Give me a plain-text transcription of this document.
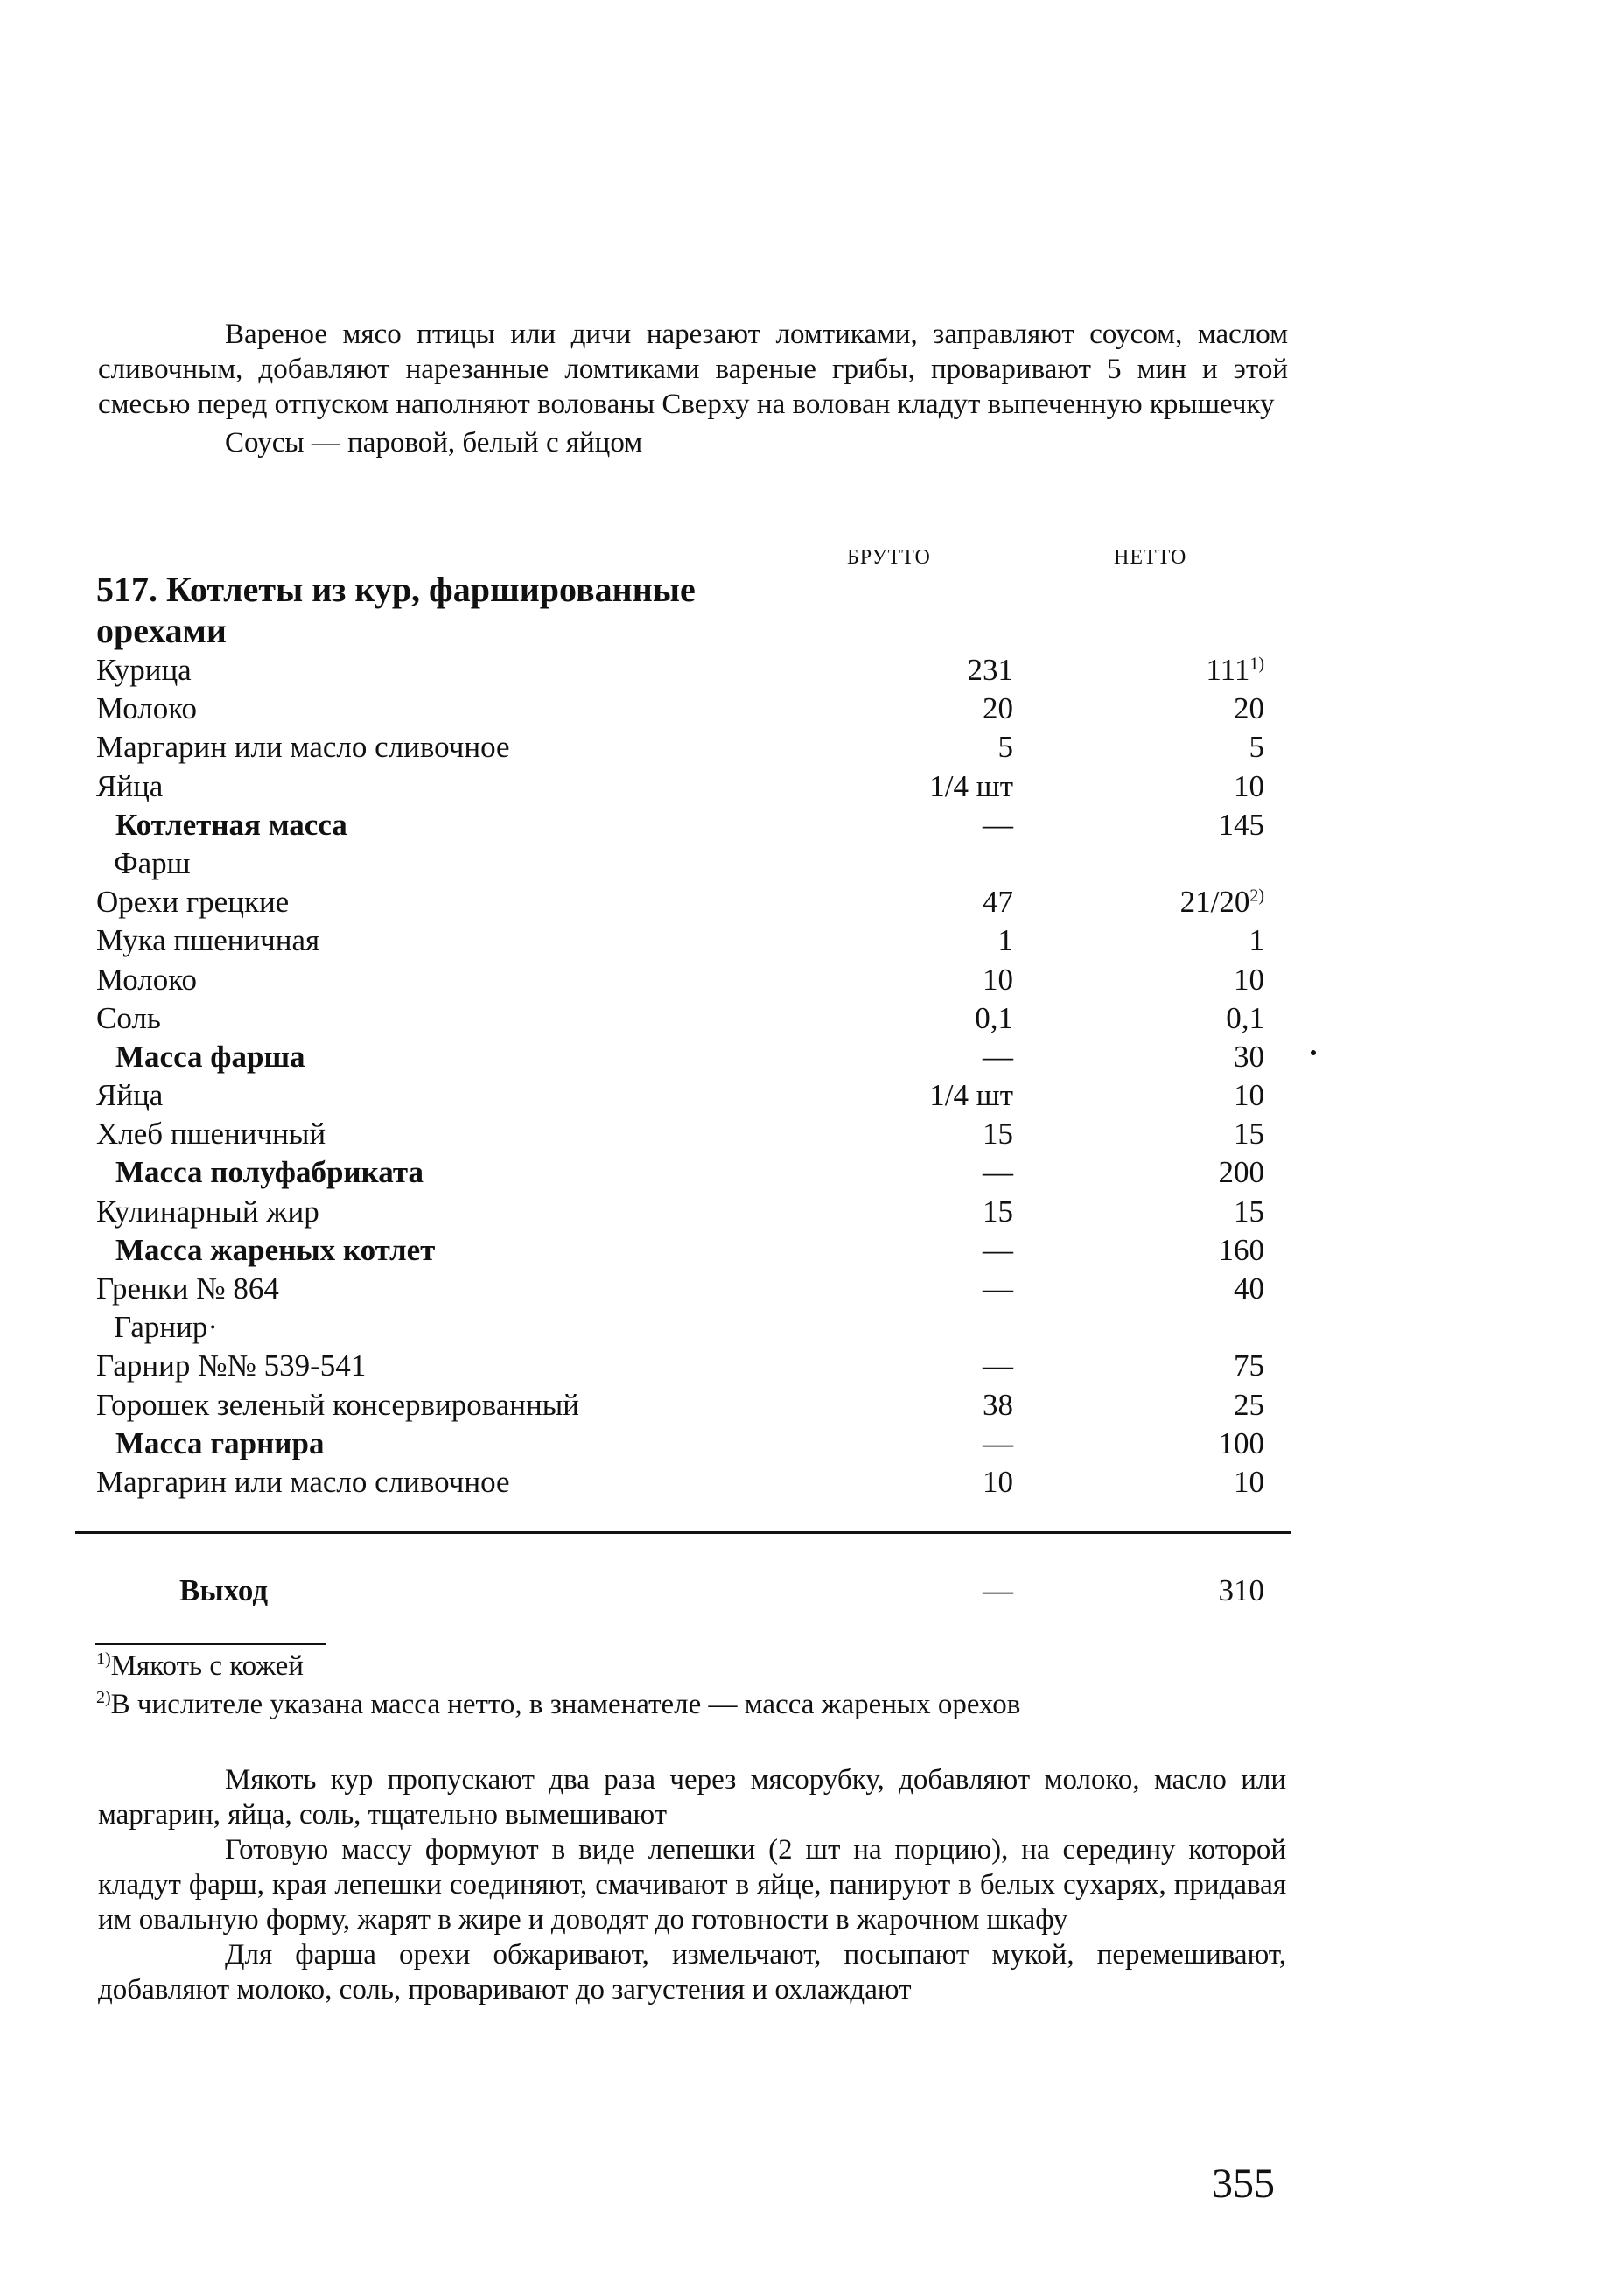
Вареное мясо птицы или дичи нарезают ломтиками, заправляют соусом, маслом сливочным, добавляют нарезанные ломтиками вареные грибы, проваривают 5 мин и этой смесью перед отпуском наполняют волованы Сверху на волован кладут выпеченную крышечку

Соусы — паровой, белый с яйцом

БРУТТО	НЕТТО
517. Котлеты из кур, фаршированные орехами
Курица	231	111$^{1)}$
Молоко	20	20
Маргарин или масло сливочное	5	5
Яйца	1/4 шт	10
Котлетная масса	—	145
Фарш
Орехи грецкие	47	21/20$^{2)}$
Мука пшеничная	1	1
Молоко	10	10
Соль	0,1	0,1
Масса фарша	—	30
Яйца	1/4 шт	10
Хлеб пшеничный	15	15
Масса полуфабриката	—	200
Кулинарный жир	15	15
Масса жареных котлет	—	160
Гренки № 864	—	40
Гарнир·
Гарнир №№ 539-541	—	75
Горошек зеленый консервированный	38	25
Масса гарнира	—	100
Маргарин или масло сливочное	10	10
Выход	—	310
$^{1)}$Мякоть с кожей
$^{2)}$В числителе указана масса нетто, в знаменателе — масса жареных орехов

Мякоть кур пропускают два раза через мясорубку, добавляют молоко, масло или маргарин, яйца, соль, тщательно вымешивают

Готовую массу формуют в виде лепешки (2 шт на порцию), на середину которой кладут фарш, края лепешки соединяют, смачивают в яйце, панируют в белых сухарях, придавая им овальную форму, жарят в жире и доводят до готовности в жарочном шкафу

Для фарша орехи обжаривают, измельчают, посыпают мукой, перемешивают, добавляют молоко, соль, проваривают до загустения и охлаждают

355
